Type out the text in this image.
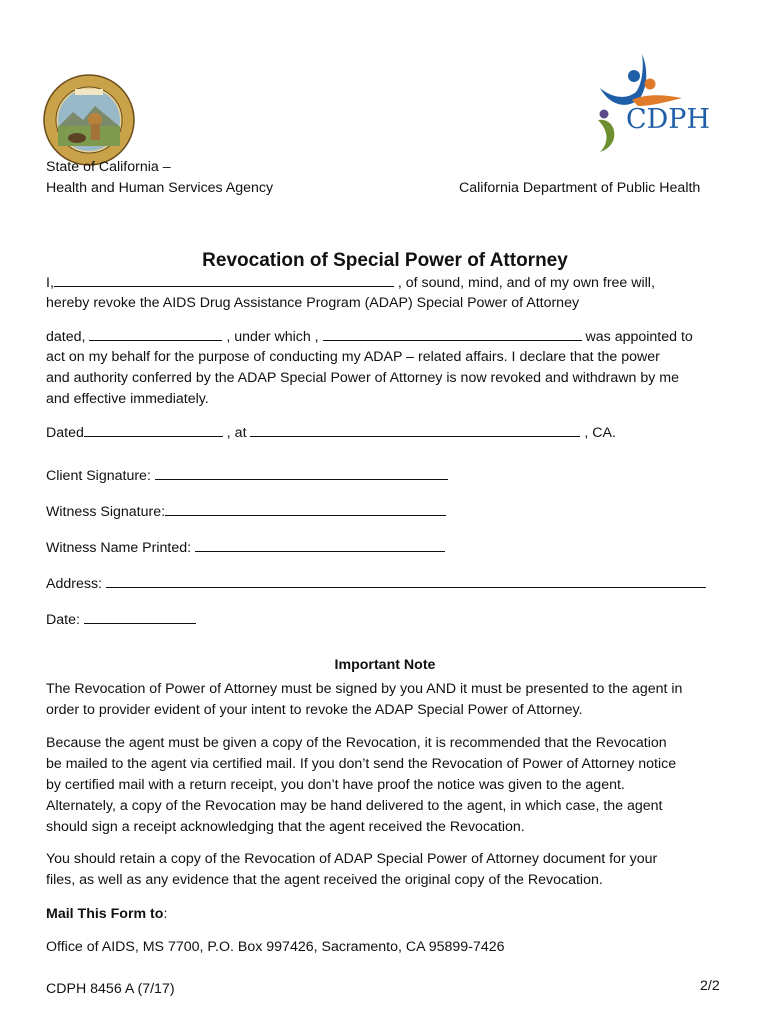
CDPH

State of California –

Health and Human Services Agency	California Department of Public Health

Revocation of Special Power of Attorney

I,	, of sound, mind, and of my own free will,

hereby revoke the AIDS Drug Assistance Program (ADAP) Special Power of Attorney

dated,	, under which ,	was appointed to

act on my behalf for the purpose of conducting my ADAP – related affairs. I declare that the power

and authority conferred by the ADAP Special Power of Attorney is now revoked and withdrawn by me

and effective immediately.

Dated	, at	, CA.

Client Signature:

Witness Signature:

Witness Name Printed:

Address:

Date:

Important Note

The Revocation of Power of Attorney must be signed by you AND it must be presented to the agent in

order to provider evident of your intent to revoke the ADAP Special Power of Attorney.

Because the agent must be given a copy of the Revocation, it is recommended that the Revocation

be mailed to the agent via certified mail. If you don’t send the Revocation of Power of Attorney notice

by certified mail with a return receipt, you don’t have proof the notice was given to the agent.

Alternately, a copy of the Revocation may be hand delivered to the agent, in which case, the agent

should sign a receipt acknowledging that the agent received the Revocation.

You should retain a copy of the Revocation of ADAP Special Power of Attorney document for your

files, as well as any evidence that the agent received the original copy of the Revocation.

Mail This Form to:

Office of AIDS, MS 7700, P.O. Box 997426, Sacramento, CA 95899-7426

CDPH 8456 A (7/17)	2/2
